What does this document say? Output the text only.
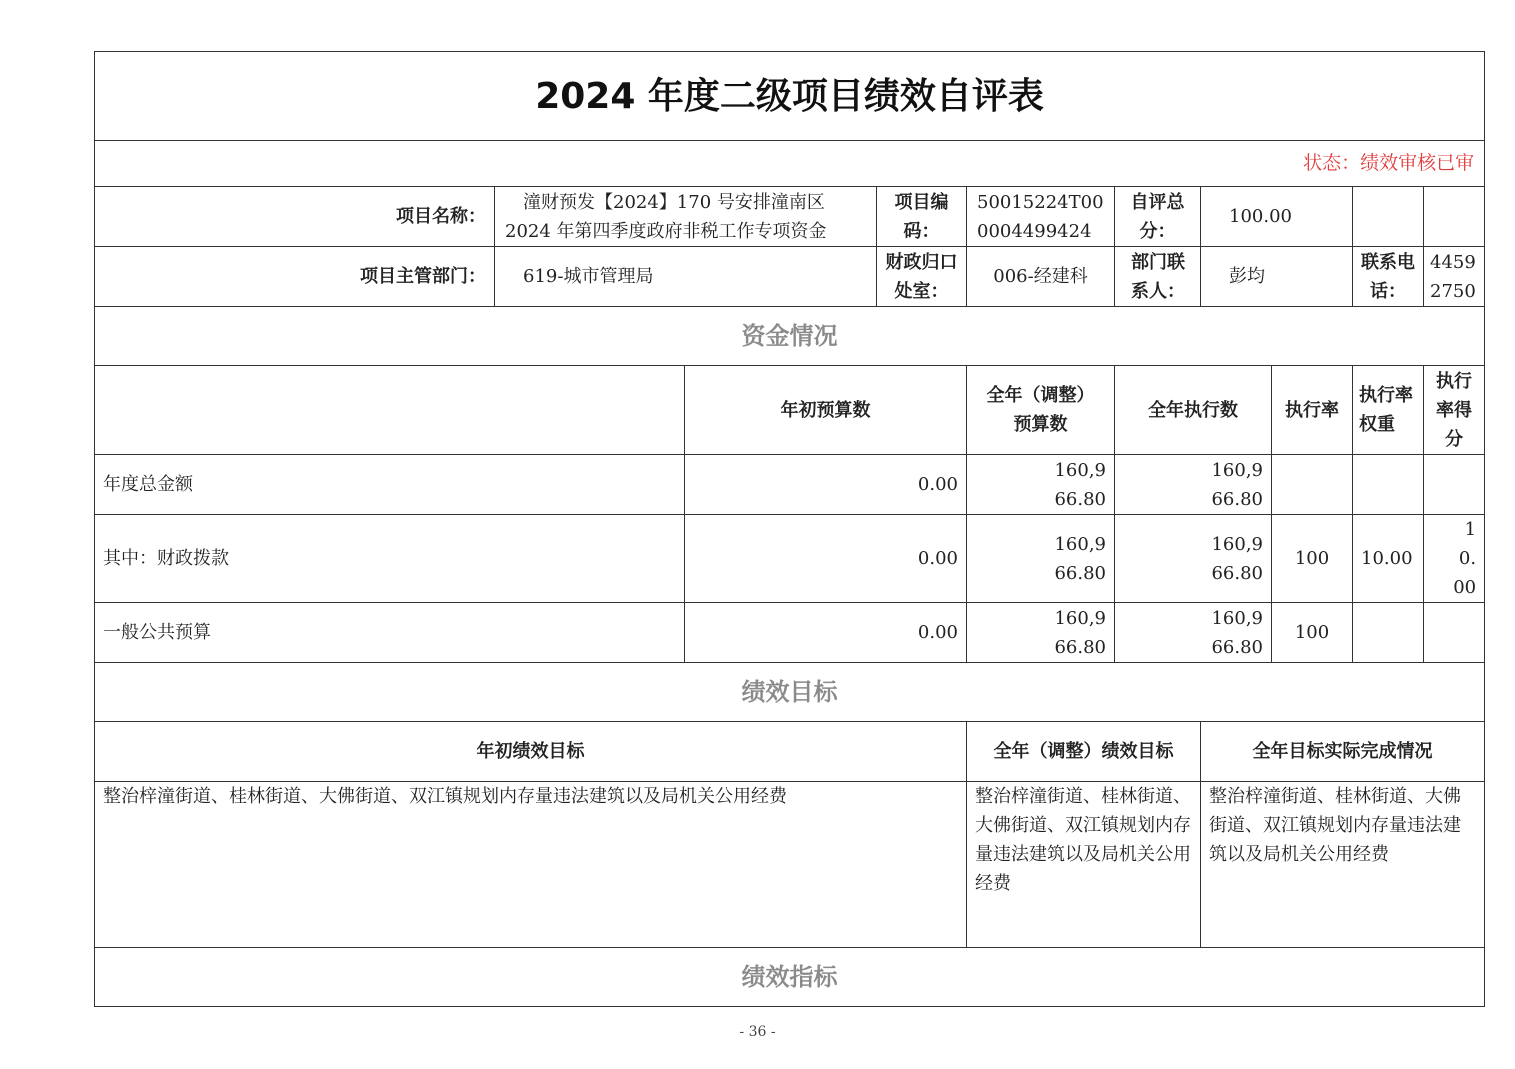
2024 年度二级项目绩效自评表									
状态：绩效审核已审									
项目名称：	潼财预发【2024】170 号安排潼南区 2024 年第四季度政府非税工作专项资金		项目编码：	50015224T000004499424	自评总分：	100.00			
项目主管部门：	619-城市管理局		财政归口处室：	006-经建科	部门联系人：	彭均		联系电话：	44592750
资金情况									
		年初预算数		全年（调整）预算数	全年执行数		执行率	执行率权重	执行率得分
年度总金额		0.00		160,966.80	160,966.80				
其中：财政拨款		0.00		160,966.80	160,966.80		100	10.00	10.00
一般公共预算		0.00		160,966.80	160,966.80		100		
绩效目标									
年初绩效目标				全年（调整）绩效目标		全年目标实际完成情况			
整治梓潼街道、桂林街道、大佛街道、双江镇规划内存量违法建筑以及局机关公用经费				整治梓潼街道、桂林街道、大佛街道、双江镇规划内存量违法建筑以及局机关公用经费		整治梓潼街道、桂林街道、大佛街道、双江镇规划内存量违法建筑以及局机关公用经费			
绩效指标									
- 36 -
